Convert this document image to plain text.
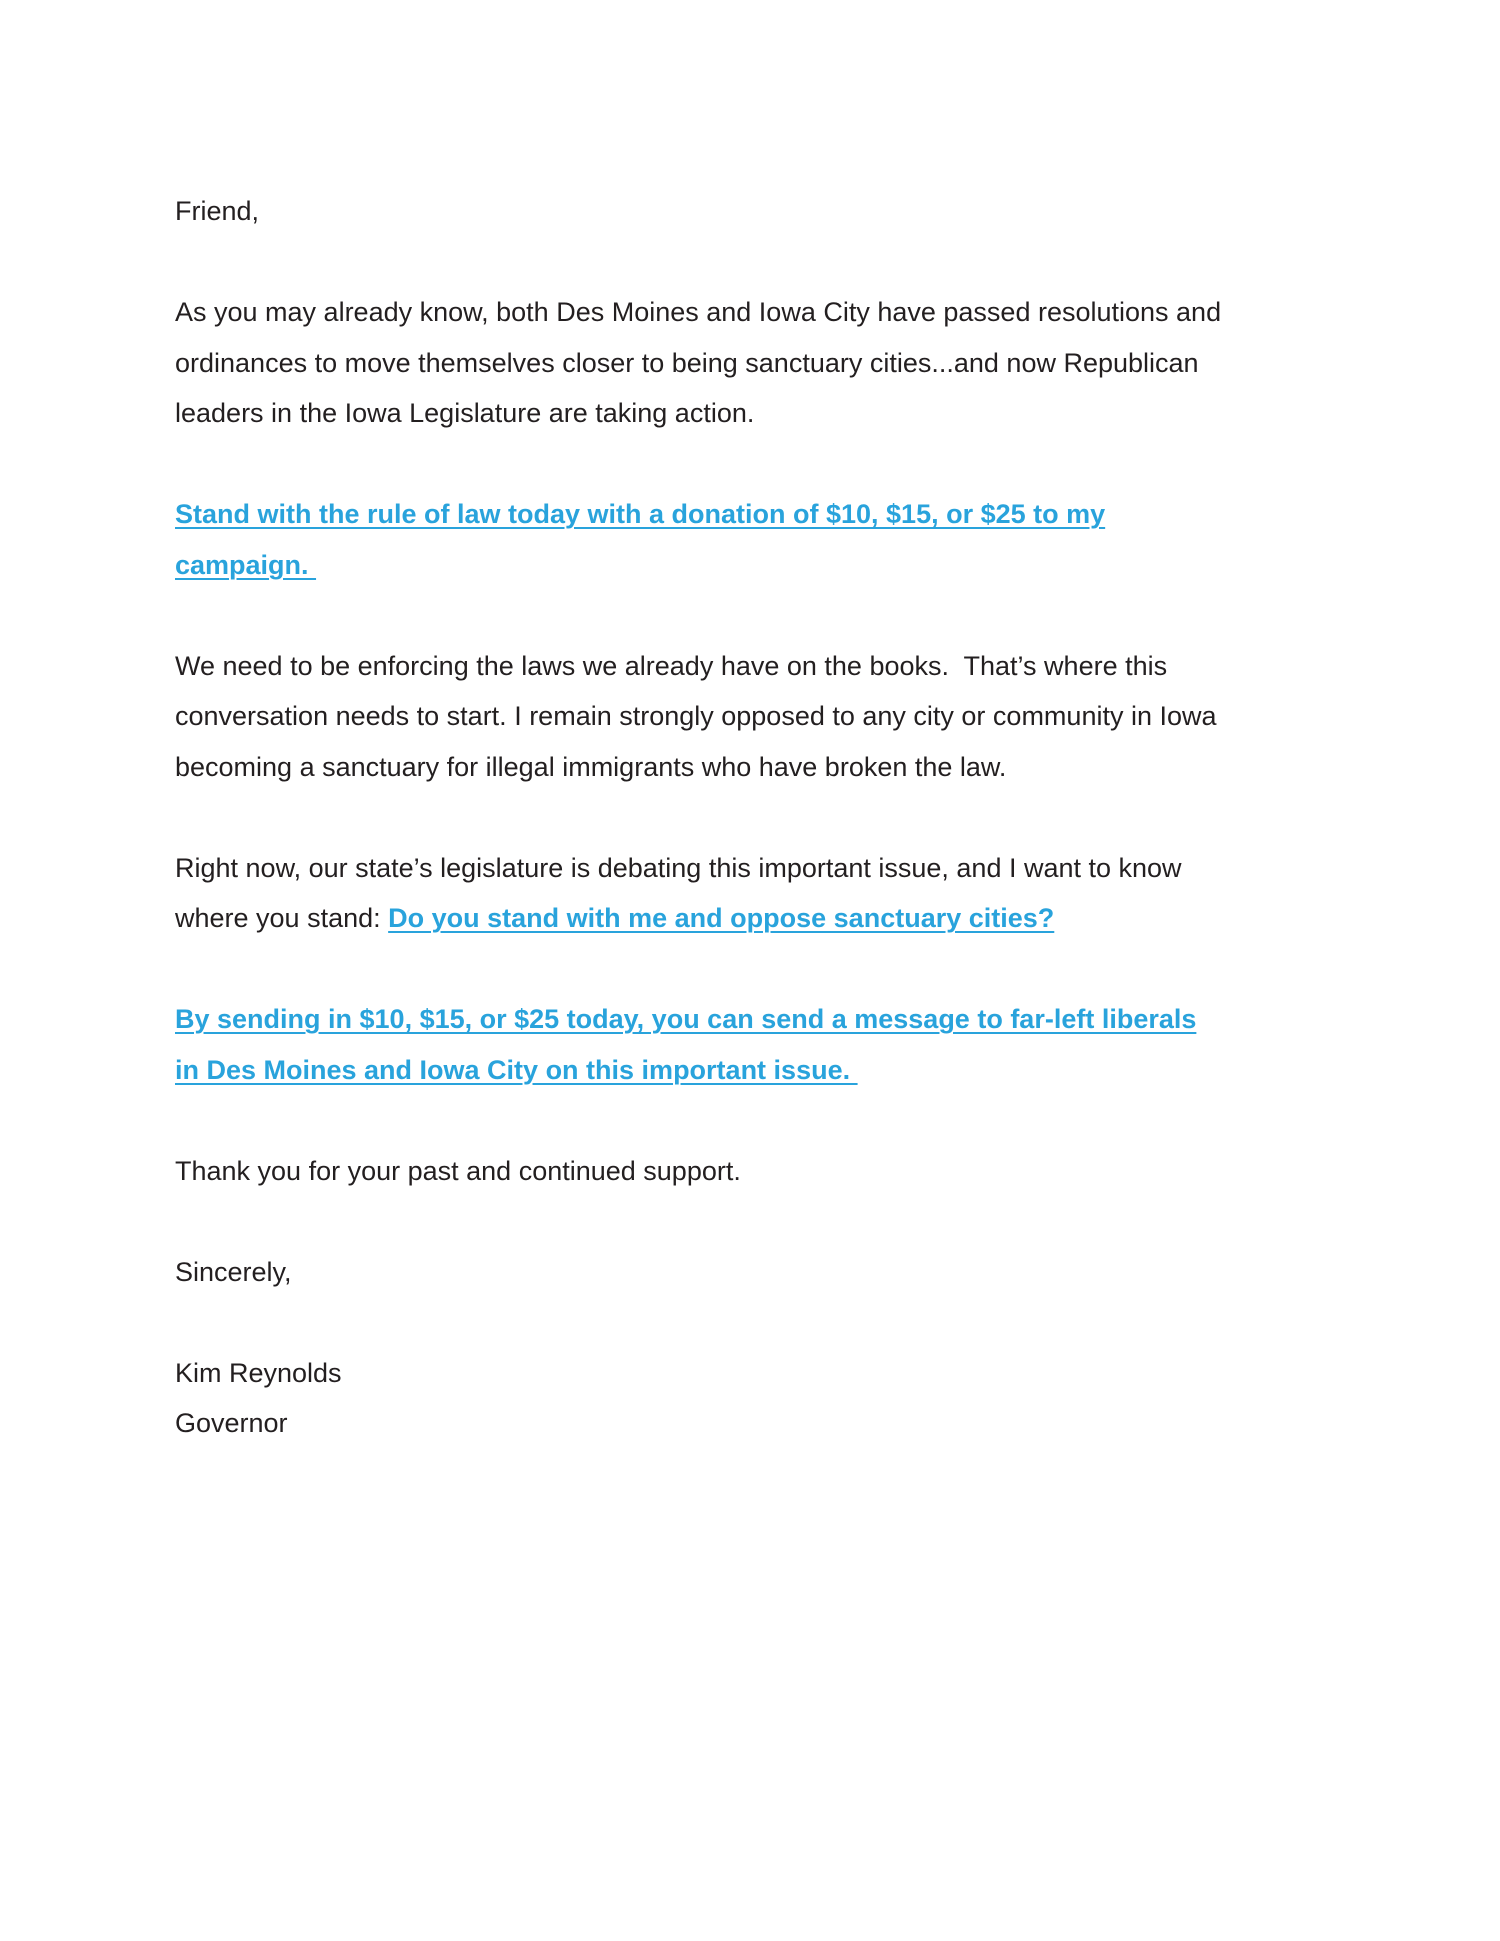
Friend,

As you may already know, both Des Moines and Iowa City have passed resolutions and
ordinances to move themselves closer to being sanctuary cities...and now Republican
leaders in the Iowa Legislature are taking action.

Stand with the rule of law today with a donation of $10, $15, or $25 to my
campaign.

We need to be enforcing the laws we already have on the books.  That’s where this
conversation needs to start. I remain strongly opposed to any city or community in Iowa
becoming a sanctuary for illegal immigrants who have broken the law.

Right now, our state’s legislature is debating this important issue, and I want to know
where you stand: Do you stand with me and oppose sanctuary cities?

By sending in $10, $15, or $25 today, you can send a message to far-left liberals
in Des Moines and Iowa City on this important issue.

Thank you for your past and continued support.

Sincerely,

Kim Reynolds
Governor
